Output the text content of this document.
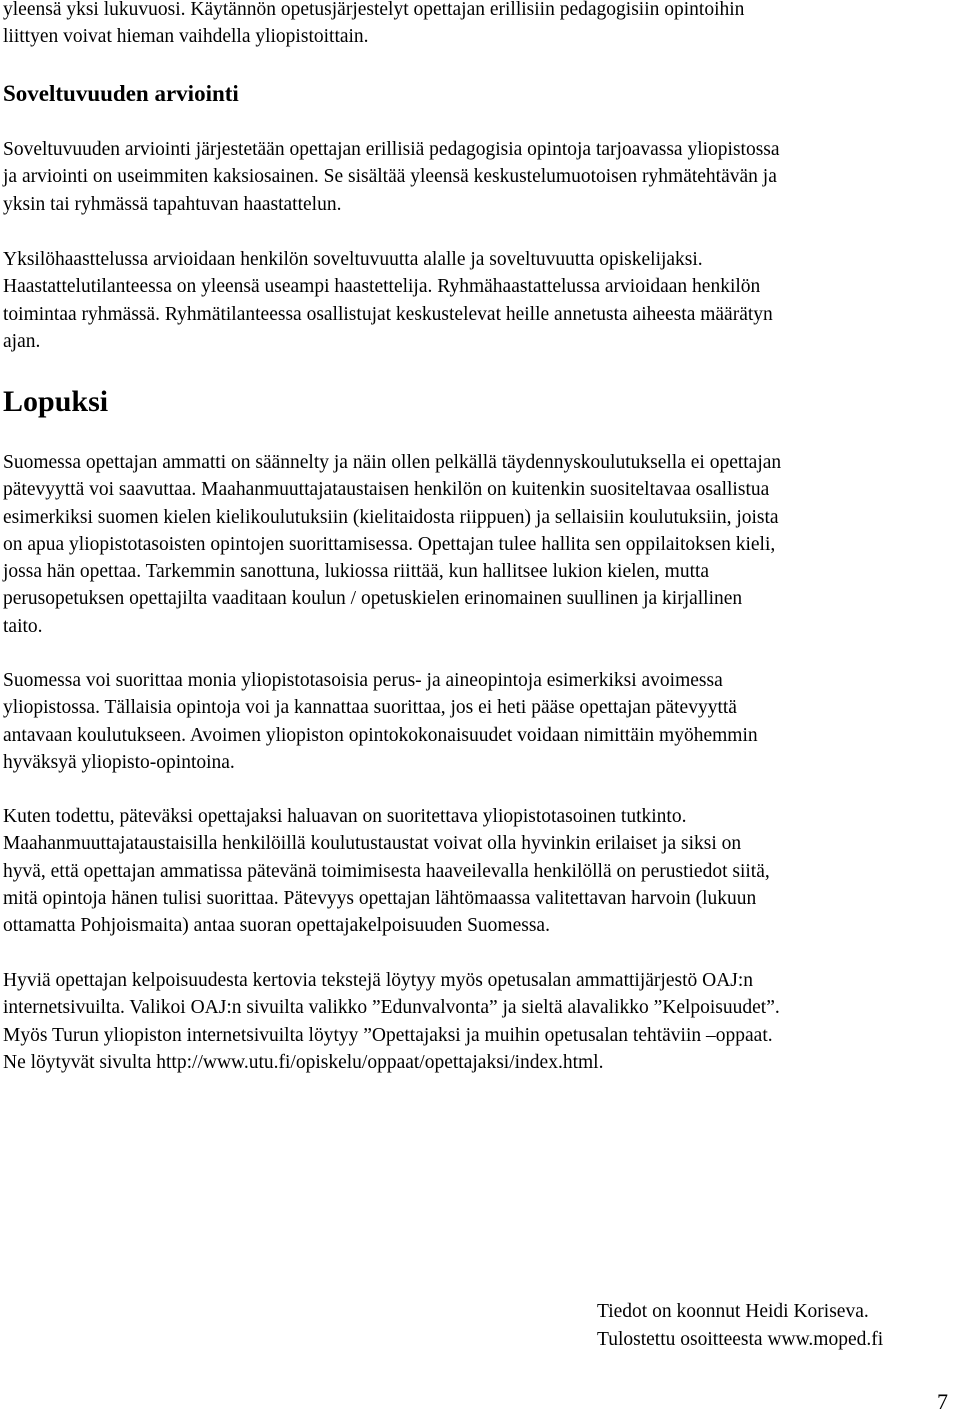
yleensä yksi lukuvuosi. Käytännön opetusjärjestelyt opettajan erillisiin pedagogisiin opintoihin
liittyen voivat hieman vaihdella yliopistoittain.

Soveltuvuuden arviointi

Soveltuvuuden arviointi järjestetään opettajan erillisiä pedagogisia opintoja tarjoavassa yliopistossa
ja arviointi on useimmiten kaksiosainen. Se sisältää yleensä keskustelumuotoisen ryhmätehtävän ja
yksin tai ryhmässä tapahtuvan haastattelun.

Yksilöhaasttelussa arvioidaan henkilön soveltuvuutta alalle ja soveltuvuutta opiskelijaksi.
Haastattelutilanteessa on yleensä useampi haastettelija. Ryhmähaastattelussa arvioidaan henkilön
toimintaa ryhmässä. Ryhmätilanteessa osallistujat keskustelevat heille annetusta aiheesta määrätyn
ajan.

Lopuksi

Suomessa opettajan ammatti on säännelty ja näin ollen pelkällä täydennyskoulutuksella ei opettajan
pätevyyttä voi saavuttaa. Maahanmuuttajataustaisen henkilön on kuitenkin suositeltavaa osallistua
esimerkiksi suomen kielen kielikoulutuksiin (kielitaidosta riippuen) ja sellaisiin koulutuksiin, joista
on apua yliopistotasoisten opintojen suorittamisessa. Opettajan tulee hallita sen oppilaitoksen kieli,
jossa hän opettaa. Tarkemmin sanottuna, lukiossa riittää, kun hallitsee lukion kielen, mutta
perusopetuksen opettajilta vaaditaan koulun / opetuskielen erinomainen suullinen ja kirjallinen
taito.

Suomessa voi suorittaa monia yliopistotasoisia perus- ja aineopintoja esimerkiksi avoimessa
yliopistossa. Tällaisia opintoja voi ja kannattaa suorittaa, jos ei heti pääse opettajan pätevyyttä
antavaan koulutukseen. Avoimen yliopiston opintokokonaisuudet voidaan nimittäin myöhemmin
hyväksyä yliopisto-opintoina.

Kuten todettu, päteväksi opettajaksi haluavan on suoritettava yliopistotasoinen tutkinto.
Maahanmuuttajataustaisilla henkilöillä koulutustaustat voivat olla hyvinkin erilaiset ja siksi on
hyvä, että opettajan ammatissa pätevänä toimimisesta haaveilevalla henkilöllä on perustiedot siitä,
mitä opintoja hänen tulisi suorittaa. Pätevyys opettajan lähtömaassa valitettavan harvoin (lukuun
ottamatta Pohjoismaita) antaa suoran opettajakelpoisuuden Suomessa.

Hyviä opettajan kelpoisuudesta kertovia tekstejä löytyy myös opetusalan ammattijärjestö OAJ:n
internetsivuilta. Valikoi OAJ:n sivuilta valikko ”Edunvalvonta” ja sieltä alavalikko ”Kelpoisuudet”.
Myös Turun yliopiston internetsivuilta löytyy ”Opettajaksi ja muihin opetusalan tehtäviin –oppaat.
Ne löytyvät sivulta http://www.utu.fi/opiskelu/oppaat/opettajaksi/index.html.

Tiedot on koonnut Heidi Koriseva.
Tulostettu osoitteesta www.moped.fi
7
